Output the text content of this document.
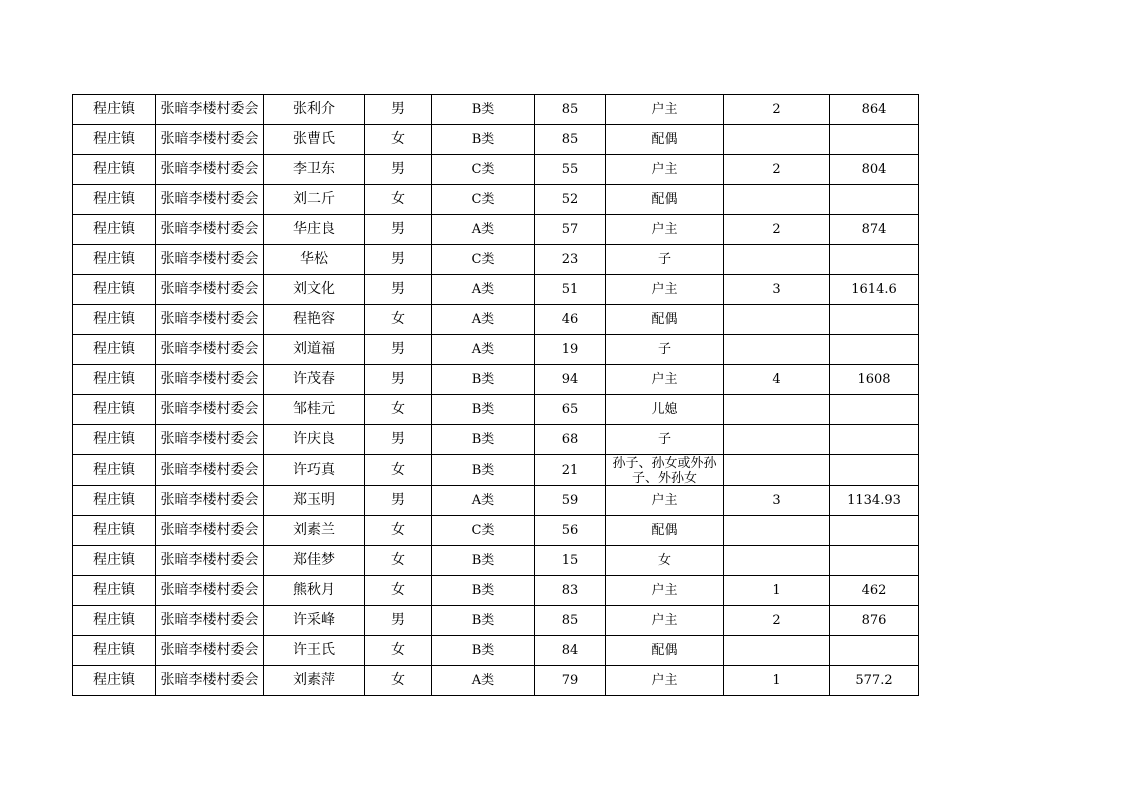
程庄镇	张暗李楼村委会	张利介	男	B类	85	户主	2	864
程庄镇	张暗李楼村委会	张曹氏	女	B类	85	配偶		
程庄镇	张暗李楼村委会	李卫东	男	C类	55	户主	2	804
程庄镇	张暗李楼村委会	刘二斤	女	C类	52	配偶		
程庄镇	张暗李楼村委会	华庄良	男	A类	57	户主	2	874
程庄镇	张暗李楼村委会	华松	男	C类	23	子		
程庄镇	张暗李楼村委会	刘文化	男	A类	51	户主	3	1614.6
程庄镇	张暗李楼村委会	程艳容	女	A类	46	配偶		
程庄镇	张暗李楼村委会	刘道福	男	A类	19	子		
程庄镇	张暗李楼村委会	许茂春	男	B类	94	户主	4	1608
程庄镇	张暗李楼村委会	邹桂元	女	B类	65	儿媳		
程庄镇	张暗李楼村委会	许庆良	男	B类	68	子		
程庄镇	张暗李楼村委会	许巧真	女	B类	21	孙子、孙女或外孙子、外孙女		

程庄镇	张暗李楼村委会	郑玉明	男	A类	59	户主	3	1134.93
程庄镇	张暗李楼村委会	刘素兰	女	C类	56	配偶		
程庄镇	张暗李楼村委会	郑佳梦	女	B类	15	女		
程庄镇	张暗李楼村委会	熊秋月	女	B类	83	户主	1	462
程庄镇	张暗李楼村委会	许采峰	男	B类	85	户主	2	876
程庄镇	张暗李楼村委会	许王氏	女	B类	84	配偶		
程庄镇	张暗李楼村委会	刘素萍	女	A类	79	户主	1	577.2
